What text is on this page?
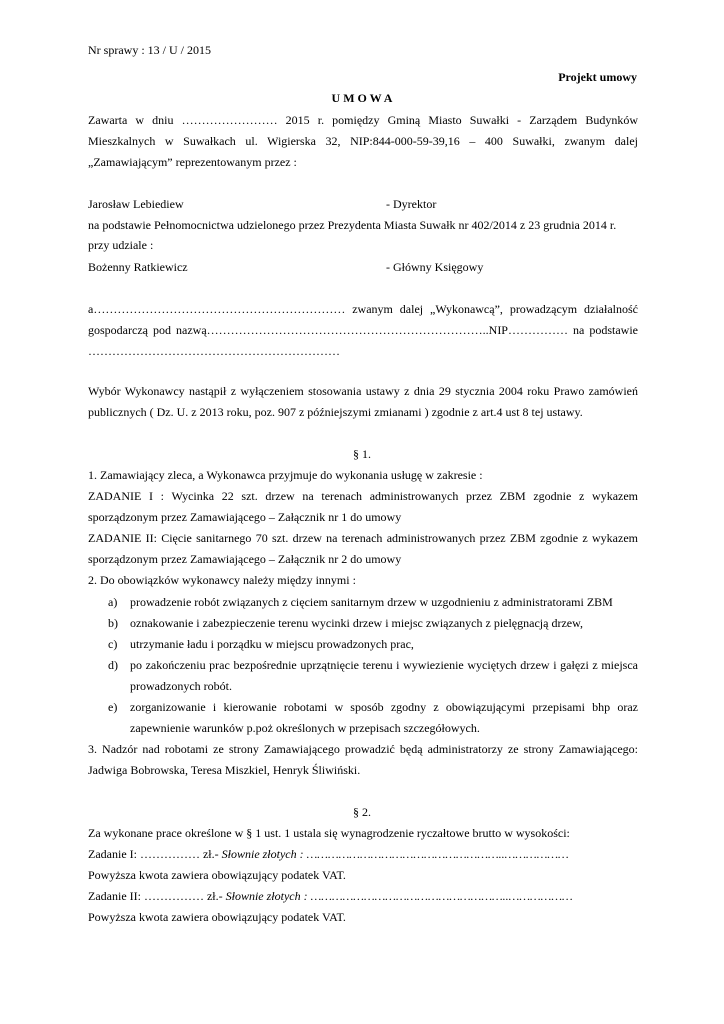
Nr sprawy : 13 / U / 2015
Projekt umowy
U M O W A
Zawarta w dniu …………………… 2015 r. pomiędzy Gminą Miasto Suwałki - Zarządem Budynków
Mieszkalnych w Suwałkach ul. Wigierska 32, NIP:844-000-59-39,16 – 400 Suwałki, zwanym dalej
„Zamawiającym” reprezentowanym przez :
Jarosław Lebiediew	- Dyrektor
na podstawie Pełnomocnictwa udzielonego przez Prezydenta Miasta Suwałk nr 402/2014 z 23 grudnia 2014 r.
przy udziale :
Bożenny Ratkiewicz	- Główny Księgowy
a……………………………………………………… zwanym dalej „Wykonawcą”, prowadzącym działalność
gospodarczą pod nazwą……………………………………………………………..NIP…………… na podstawie
………………………………………………………
Wybór Wykonawcy nastąpił z wyłączeniem stosowania ustawy z dnia 29 stycznia 2004 roku Prawo zamówień
publicznych ( Dz. U. z 2013 roku, poz. 907 z późniejszymi zmianami ) zgodnie z art.4 ust 8 tej ustawy.
§ 1.
1. Zamawiający zleca, a Wykonawca przyjmuje do wykonania usługę w zakresie :
ZADANIE I : Wycinka 22 szt. drzew na terenach administrowanych przez ZBM zgodnie z wykazem
sporządzonym przez Zamawiającego – Załącznik nr 1 do umowy
ZADANIE II: Cięcie sanitarnego 70 szt. drzew na terenach administrowanych przez ZBM zgodnie z wykazem
sporządzonym przez Zamawiającego – Załącznik nr 2 do umowy
2. Do obowiązków wykonawcy należy między innymi :
a) prowadzenie robót związanych z cięciem sanitarnym drzew w uzgodnieniu z administratorami ZBM
b) oznakowanie i zabezpieczenie terenu wycinki drzew i miejsc związanych z pielęgnacją drzew,
c) utrzymanie ładu i porządku w miejscu prowadzonych prac,
d) po zakończeniu prac bezpośrednie uprzątnięcie terenu i wywiezienie wyciętych drzew i gałęzi z miejsca
prowadzonych robót.
e) zorganizowanie i kierowanie robotami w sposób zgodny z obowiązującymi przepisami bhp oraz
zapewnienie warunków p.poż określonych w przepisach szczegółowych.
3. Nadzór nad robotami ze strony Zamawiającego prowadzić będą administratorzy ze strony Zamawiającego:
Jadwiga Bobrowska, Teresa Miszkiel, Henryk Śliwiński.
§ 2.
Za wykonane prace określone w § 1 ust. 1 ustala się wynagrodzenie ryczałtowe brutto w wysokości:
Zadanie I: …………… zł.- Słownie złotych : ………………………………………………..………………
Powyższa kwota zawiera obowiązujący podatek VAT.
Zadanie II: …………… zł.- Słownie złotych : ………………………………………………..………………
Powyższa kwota zawiera obowiązujący podatek VAT.
